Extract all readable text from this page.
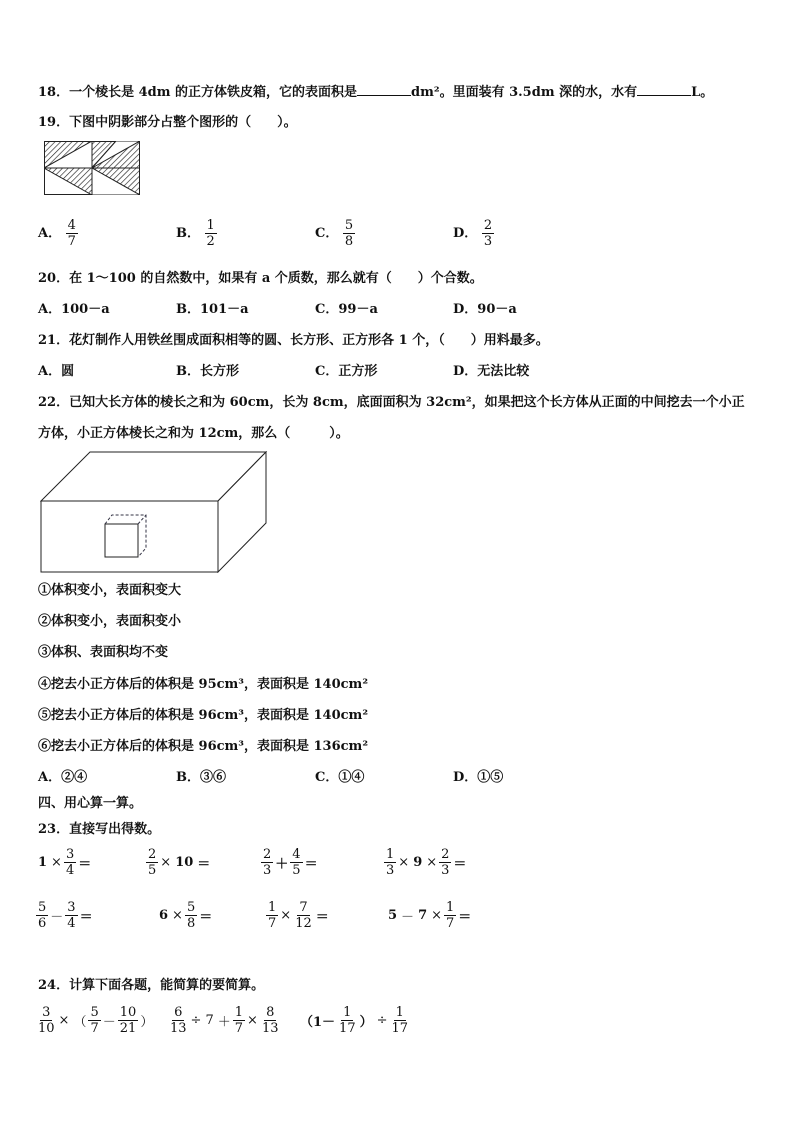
18．一个棱长是 4dm 的正方体铁皮箱，它的表面积是	dm²。里面装有 3.5dm 深的水，水有	L。
19．下图中阴影部分占整个图形的（　　）。
A． $\frac{4}{7}$	B． $\frac{1}{2}$	C． $\frac{5}{8}$	D． $\frac{2}{3}$
20．在 1～100 的自然数中，如果有 a 个质数，那么就有（　　）个合数。
A．100－a	B．101－a	C．99－a	D．90－a
21．花灯制作人用铁丝围成面积相等的圆、长方形、正方形各 1 个，（　　）用料最多。
A．圆	B．长方形	C．正方形	D．无法比较
22．已知大长方体的棱长之和为 60cm，长为 8cm，底面面积为 32cm²，如果把这个长方体从正面的中间挖去一个小正
方体，小正方体棱长之和为 12cm，那么（　　　）。
①体积变小，表面积变大
②体积变小，表面积变小
③体积、表面积均不变
④挖去小正方体后的体积是 95cm³，表面积是 140cm²
⑤挖去小正方体后的体积是 96cm³，表面积是 140cm²
⑥挖去小正方体后的体积是 96cm³，表面积是 136cm²
A．②④	B．③⑥	C．①④	D．①⑤
四、用心算一算。
23．直接写出得数。
$1 \times \frac{3}{4}$ ＝	$\frac{2}{5} \times 10$ ＝	$\frac{2}{3} + \frac{4}{5}$ ＝	$\frac{1}{3} \times 9 \times \frac{2}{3}$ ＝
$\frac{5}{6} - \frac{3}{4}$ ＝	$6 \times \frac{5}{8}$ ＝	$\frac{1}{7} \times \frac{7}{12}$ ＝	$5 - 7 \times \frac{1}{7}$ ＝
24．计算下面各题，能简算的要简算。
$\frac{3}{10}$ × （ $\frac{5}{7} - \frac{10}{21}$ ） $\frac{6}{13} \div 7 + \frac{1}{7} \times \frac{8}{13} (1- \frac{1}{17}$ ） ÷ $\frac{1}{17}$
